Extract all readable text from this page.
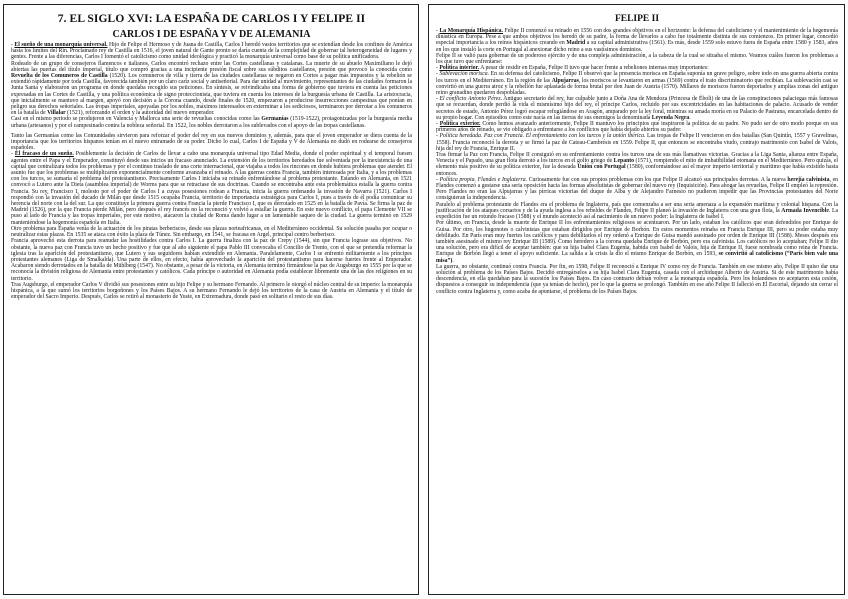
7. EL SIGLO XVI: LA ESPAÑA DE CARLOS I Y FELIPE II
CARLOS I DE ESPAÑA Y V DE ALEMANIA

- El sueño de una monarquía universal. Hijo de Felipe el Hermoso y de Juana de Castilla, Carlos I heredó vastos territorios que se extendían desde los confines de América hasta los límites del Rin. Proclamado rey de Castilla en 1516, el joven natural de Gante pronto se daría cuenta de la complejidad de gobernar tal heterogeneidad de lugares y gentes. Frente a las diferencias, Carlos I fomentó el catolicismo como unidad ideológica y practicó la monarquía universal como base de su política unificadora.

Rodeado de un grupo de consejeros flamencos e italianos, Carlos encontró rechazo entre las Cortes castellanas y catalanas. La muerte de su abuelo Maximiliano le dejó abiertas las puertas del título imperial, título que compró gracias a una incipiente presión fiscal sobre sus súbditos castellanos, presión que provocó la conocida como Revuelta de los Comuneros de Castilla (1520). Los comuneros de villa y tierra de las ciudades castellanas se negaron en Cortes a pagar más impuestos y la rebelión se extendió rápidamente por toda Castilla, favorecida también por un claro cariz social y antiseñorial. Para dar unidad al movimiento, representantes de las ciudades formaron la Junta Santa y elaboraron un programa en donde quedaba recogido sus peticiones. En síntesis, se reivindicaba una forma de gobierno que tuviera en cuenta las peticiones expresadas en las Cortes de Castilla, y una política económica de signo proteccionista, que tuviera en cuenta los intereses de la burguesía urbana de Castilla. La aristocracia, que inicialmente se mantuvo al margen, apoyó con decisión a la Corona cuando, desde finales de 1520, empezaron a producirse insurrecciones campesinas que ponían en peligro sus derechos señoriales. Las tropas imperiales, apoyadas por los nobles, máximos interesados en exterminar a los sediciosos, terminaron por derrotar a los comuneros en la batalla de Villalar (1521), reforzando el orden y la autoridad del nuevo emperador.

Casi en el mismo periodo se produjeron en Valencia y Mallorca una serie de revueltas conocidas como las Germanías (1519-1522), protagonizadas por la burguesía media urbana (artesanos) y por el campesinado contra la nobleza señorial. En 1522, los nobles derrotaron a los sublevados con el apoyo de las tropas castellanas.

Tanto las Germanías como las Comunidades sirvieron para reforzar el poder del rey en sus nuevos dominios y, además, para que el joven emperador se diera cuenta de la importancia que los territorios hispanos tenían en el nuevo entramado de su poder. Dicho lo cual, Carlos I de España y V de Alemania no dudó en rodearse de consejeros españoles.

- El fracaso de un sueño. Posiblemente la decisión de Carlos de llevar a cabo una monarquía universal tipo Edad Media, donde el poder espiritual y el temporal fuesen agentes entre el Papa y el Emperador, constituyó desde sus inicios un fracaso anunciado. La extensión de los territorios heredados fue solventada por la inexistencia de una capital que centralizara todos los problemas y por el continuo traslado de una corte internacional, que viajaba a todos los rincones en donde hubiera problemas que atender. El asunto fue que los problemas se multiplicaron exponencialmente conforme avanzaba el reinado. A las guerras contra Francia, también interesada por Italia, y a los problemas con los turcos, se sumaría el problema del protestantismo. Precisamente Carlos I iniciaba su reinado enfrentándose al problema protestante. Estando en Alemania, en 1521 convocó a Lutero ante la Dieta (asamblea imperial) de Worms para que se retractase de sus doctrinas. Cuando se encontraba ante esta problemática estalla la guerra contra Francia. Su rey, Francisco I, molesto por el poder de Carlos I a cuyas posesiones rodean a Francia, inicia la guerra ordenando la invasión de Navarra (1521). Carlos I respondió con la invasión del ducado de Milán que desde 1515 ocupaba Francia, territorio de importancia estratégica para Carlos I, pues a través de él podía comunicar su herencia del norte con la del sur. La que constituye la primera guerra contra Francia la pierde Francisco I, que es derrotado en 1525 en la batalla de Pavía. Se firma la paz de Madrid (1526), por la que Francia pierde Milán, pero después el rey francés no la reconoció y volvió a estallar la guerra. En este nuevo conflicto, el papa Clemente VII se puso al lado de Francia y las tropas imperiales, por este motivo, atacaron la ciudad de Roma dando lugar a un lamentable saqueo de la ciudad. La guerra terminó en 1529 manteniéndose la hegemonía española en Italia.

Otro problema para España venía de la actuación de los piratas berberiscos, desde sus plazas norteafricanas, en el Mediterráneo occidental. Su solución pasaba por ocupar o neutralizar estas plazas. En 1535 se ataca con éxito la plaza de Túnez. Sin embargo, en 1541, se fracasa en Argel, principal centro berberisco.

Francia aprovechó esta derrota para reanudar las hostilidades contra Carlos I. La guerra finaliza con la paz de Crepy (1544), sin que Francia lograse sus objetivos. No obstante, la nueva paz con Francia tuvo un hecho positivo y fue que al año siguiente el papa Pablo III convocaba el Concilio de Trento, con el que se pretendía reformar la iglesia tras la aparición del protestantismo, que Lutero y sus seguidores habían extendido en Alemania. Paralelamente, Carlos I se enfrentó militarmente a los príncipes protestantes alemanes (Liga de Smalkalda). Una parte de ellos, en efecto, había aprovechado la aparición del protestantismo para hacerse fuertes frente al Emperador. Acabaron siendo derrotados en la batalla de Mühlberg (1547). No obstante, a pesar de la victoria, en Alemania terminó firmándose la paz de Augsburgo en 1555 por la que se reconocía la división religiosa de Alemania entre protestantes y católicos. Cada príncipe o autoridad en Alemania podía establecer libremente una de las dos religiones en su territorio.

Tras Augsburgo, el emperador Carlos V dividió sus posesiones entre su hijo Felipe y su hermano Fernando. Al primero le otorgó el núcleo central de su imperio: la monarquía hispánica, a la que sumó los territorios borgoñones y los Países Bajos. A su hermano Fernando le dejó los territorios de la casa de Austria en Alemania y el título de emperador del Sacro Imperio. Después, Carlos se retiró al monasterio de Yuste, en Extremadura, donde pasó en solitario el resto de sus días.

FELIPE II

- La Monarquía Hispánica. Felipe II comenzó su reinado en 1556 con dos grandes objetivos en el horizonte: la defensa del catolicismo y el mantenimiento de la hegemonía dinástica en Europa. Pese a que ambos objetivos los heredó de su padre, la forma de llevarlos a cabo fue totalmente distinta de sus comienzos. En primer lugar, concedió especial importancia a los reinos hispánicos creando en Madrid a su capital administrativa (1561). Es más, desde 1559 solo estuvo fuera de España entre 1580 y 1583, años en los que instaló la corte en Portugal al anexionar dicho reino a sus vastísimos dominios.

Felipe II se valió para gobernar de un poderoso ejército y de una compleja administración, a la cabeza de la cual se situaba el mismo. Veamos cuáles fueron los problemas a los que tuvo que enfrentarse:

- Política interior. A pesar de residir en España, Felipe II tuvo que hacer frente a rebeliones internas muy importantes:

- Sublevación morisca. En su defensa del catolicismo, Felipe II observó que la presencia morisca en España suponía un grave peligro, sobre todo en una guerra abierta contra los turcos en el Mediterráneo. En la región de las Alpujarras, los moriscos se levantaron en armas (1569) contra el trato discriminatorio que recibían. La sublevación casi se convirtió en una guerra atroz y la rebelión fue aplastada de forma brutal por don Juan de Austria (1570). Millares de moriscos fueron deportados y amplias zonas del antiguo reino granadino quedaron despobladas.

- El conflicto Antonio Pérez. Antiguo secretario del rey, fue culpable junto a Doña Ana de Mendoza (Princesa de Éboli) de una de las conspiraciones palaciegas más famosas que se recuerdan, donde perdió la vida el mismísimo hijo del rey, el príncipe Carlos, recluido por sus excentricidades en las habitaciones de palacio. Acusado de vender secretos de estado, Antonio Pérez logró escapar refugiándose en Aragón, amparado por la ley foral, mientras su amada moría en su Palacio de Pastrana, encarcelada dentro de su propio hogar. Con episodios como este nacía en las tierras de sus enemigos la denominada Leyenda Negra.

- Política exterior. Como hemos avanzado anteriormente, Felipe II mantuvo los principios que inspiraron la política de su padre. No pudo ser de otro modo porque en sus primeros años de reinado, se vio obligado a enfrentarse a los conflictos que había dejado abiertos su padre:

- Política heredada. Paz con Francia. El enfrentamiento con los turcos y la unión ibérica. Las tropas de Felipe II vencieron en dos batallas (San Quintín, 1557 y Gravelinas, 1558). Francia reconoció la derrota y se firmó la paz de Cateau-Cambrésis en 1559. Felipe II, que entonces se encontraba viudo, contrajo matrimonio con Isabel de Valois, hija del rey de Francia, Enrique II.

Tras firmar la Paz con Francia, Felipe II consiguió en su enfrentamiento contra los turcos una de sus más llamativas victorias. Gracias a la Liga Santa, alianza entre España, Venecia y el Papado, una gran flota derrotó a los turcos en el golfo griego de Lepanto (1571), rompiendo el mito de imbatibilidad otomana en el Mediterráneo. Pero quizás, el elemento más positivo de su política exterior, fue la deseada Unión con Portugal (1580), conformándose así el mayor imperio territorial y marítimo que había existido hasta entonces.

- Política propia. Flandes e Inglaterra. Curiosamente fue con sus propios problemas con los que Felipe II alcanzó sus principales derrotas. A la nueva herejía calvinista, en Flandes comenzó a gestarse una seria oposición hacia las formas absolutistas de gobernar del nuevo rey (Inquisición). Para ahogar las revueltas, Felipe II empleó la represión. Pero Flandes no eran las Alpujarras y las pírricas victorias del duque de Alba y de Alejandro Farnesio no pudieron impedir que las Provincias protestantes del Norte consiguieran la independencia.

Paralelo al problema protestante de Flandes era el problema de Inglaterra, país que comenzaba a ser una seria amenaza a la expansión marítima y colonial hispana. Con la justificación de los ataques corsarios y de la ayuda inglesa a los rebeldes de Flandes, Felipe II planeó la invasión de Inglaterra con una gran flota, la Armada Invencible. La expedición fue un rotundo fracaso (1588) y el mundo aconteció así al nacimiento de un nuevo poder: la Inglaterra de Isabel I.

Por último, en Francia, desde la muerte de Enrique II los enfrentamientos religiosos se acentuaron. Por un lado, estaban los católicos que eran defendidos por Enrique de Guisa. Por otro, los hugonotes o calvinistas que estaban dirigidos por Enrique de Borbón. En estos momentos reinaba en Francia Enrique III, pero su poder estaba muy debilitado. En París eran muy fuertes los católicos y para debilitarlos el rey ordenó a Enrique de Guisa mandó asesinado por orden de Enrique III (1588). Meses después era también asesinado el mismo rey Enrique III (1589). Como heredero a la corona quedaba Enrique de Borbón, pero era calvinista. Los católicos no lo aceptaban; Felipe II dio una solución, pero era difícil de aceptar también: que su hija Isabel Clara Eugenia, habida con Isabel de Valois, hija de Enrique II, fuese nombrada como reina de Francia. Enrique de Borbón llegó a tener el apoyo suficiente. La salida a la crisis la dio el mismo Enrique de Borbón, en 1593, se convirtió al catolicismo (“París bien vale una misa”).

La guerra, no obstante, continuó contra Francia. Por fin, en 1598, Felipe II reconoció a Enrique IV como rey de Francia. También en ese mismo año, Felipe II quiso dar una solución al problema de los Países Bajos. Decidió entregárselos a su hija Isabel Clara Eugenia, casada con el archiduque Alberto de Austria. Si de este matrimonio había descendencia, en ella quedaban para la sucesión los Países Bajos. En caso contrario debían volver a la monarquía española. Pero los holandeses no aceptaron esta cesión, dispuestos a conseguir su independencia (que ya tenían de hecho), por lo que la guerra se prolongó. También en ese año Felipe II falleció en El Escorial, dejando sin cerrar el conflicto contra Inglaterra y, como acaba de apuntarse, el problema de los Países Bajos.
